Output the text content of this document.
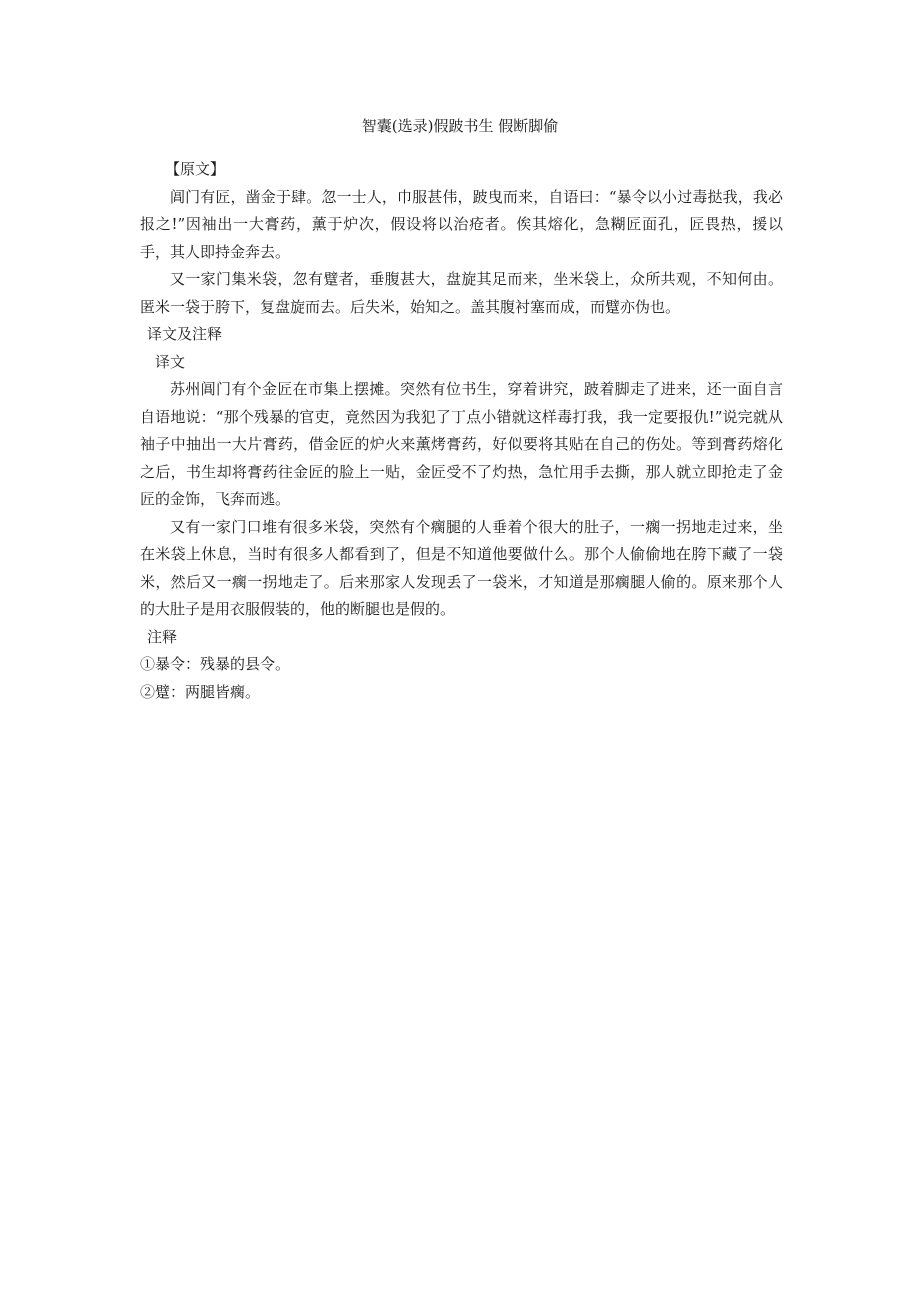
智囊(选录)假跛书生 假断脚偷

【原文】

阊门有匠，凿金于肆。忽一士人，巾服甚伟，跛曳而来，自语曰：“暴令以小过毒挞我，我必报之!”因袖出一大膏药，薰于炉次，假设将以治疮者。俟其熔化，急糊匠面孔，匠畏热，援以手，其人即持金奔去。

又一家门集米袋，忽有躄者，垂腹甚大，盘旋其足而来，坐米袋上，众所共观，不知何由。匿米一袋于胯下，复盘旋而去。后失米，始知之。盖其腹衬塞而成，而躄亦伪也。

译文及注释

译文

苏州阊门有个金匠在市集上摆摊。突然有位书生，穿着讲究，跛着脚走了进来，还一面自言自语地说：“那个残暴的官吏，竟然因为我犯了丁点小错就这样毒打我，我一定要报仇!”说完就从袖子中抽出一大片膏药，借金匠的炉火来薰烤膏药，好似要将其贴在自己的伤处。等到膏药熔化之后，书生却将膏药往金匠的脸上一贴，金匠受不了灼热，急忙用手去撕，那人就立即抢走了金匠的金饰，飞奔而逃。

又有一家门口堆有很多米袋，突然有个瘸腿的人垂着个很大的肚子，一瘸一拐地走过来，坐在米袋上休息，当时有很多人都看到了，但是不知道他要做什么。那个人偷偷地在胯下藏了一袋米，然后又一瘸一拐地走了。后来那家人发现丢了一袋米，才知道是那瘸腿人偷的。原来那个人的大肚子是用衣服假装的，他的断腿也是假的。

注释

①暴令：残暴的县令。

②躄：两腿皆瘸。
